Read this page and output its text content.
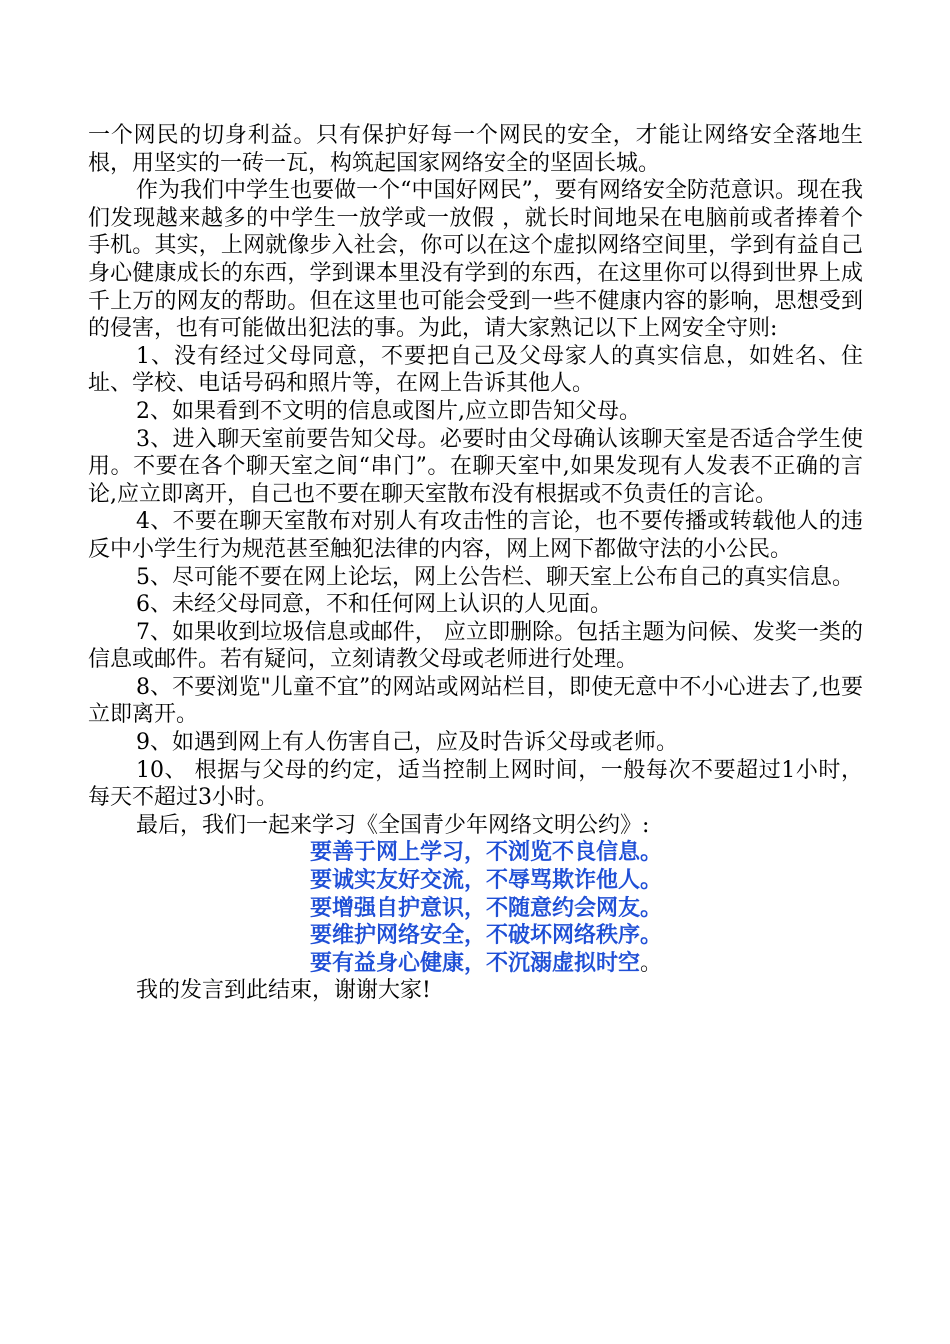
一个网民的切身利益。只有保护好每一个网民的安全，才能让网络安全落地生根，用坚实的一砖一瓦，构筑起国家网络安全的坚固长城。

作为我们中学生也要做一个“中国好网民”，要有网络安全防范意识。现在我们发现越来越多的中学生一放学或一放假 ，就长时间地呆在电脑前或者捧着个手机。其实，上网就像步入社会，你可以在这个虚拟网络空间里，学到有益自己身心健康成长的东西，学到课本里没有学到的东西，在这里你可以得到世界上成千上万的网友的帮助。但在这里也可能会受到一些不健康内容的影响，思想受到的侵害，也有可能做出犯法的事。为此，请大家熟记以下上网安全守则:

1、没有经过父母同意，不要把自己及父母家人的真实信息，如姓名、住址、学校、电话号码和照片等，在网上告诉其他人。

2、如果看到不文明的信息或图片,应立即告知父母。

3、进入聊天室前要告知父母。必要时由父母确认该聊天室是否适合学生使用。不要在各个聊天室之间“串门”。在聊天室中,如果发现有人发表不正确的言论,应立即离开，自己也不要在聊天室散布没有根据或不负责任的言论。

4、不要在聊天室散布对别人有攻击性的言论，也不要传播或转载他人的违反中小学生行为规范甚至触犯法律的内容，网上网下都做守法的小公民。

5、尽可能不要在网上论坛，网上公告栏、聊天室上公布自己的真实信息。

6、未经父母同意，不和任何网上认识的人见面。

7、如果收到垃圾信息或邮件， 应立即删除。包括主题为问候、发奖一类的信息或邮件。若有疑问，立刻请教父母或老师进行处理。

8、不要浏览"儿童不宜”的网站或网站栏目，即使无意中不小心进去了,也要立即离开。

9、如遇到网上有人伤害自己，应及时告诉父母或老师。

10、 根据与父母的约定，适当控制上网时间，一般每次不要超过1小时，每天不超过3小时。

最后，我们一起来学习《全国青少年网络文明公约》:

要善于网上学习，不浏览不良信息。

要诚实友好交流，不辱骂欺诈他人。

要增强自护意识，不随意约会网友。

要维护网络安全，不破坏网络秩序。

要有益身心健康，不沉溺虚拟时空。

我的发言到此结束，谢谢大家!
